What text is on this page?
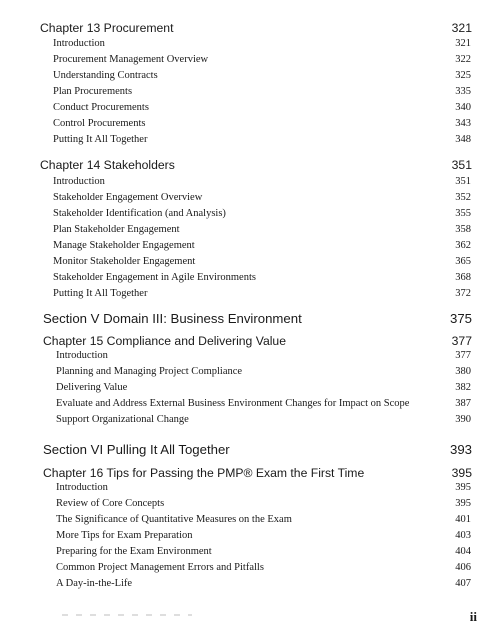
Chapter 13 Procurement	321
Introduction	321
Procurement Management Overview	322
Understanding Contracts	325
Plan Procurements	335
Conduct Procurements	340
Control Procurements	343
Putting It All Together	348
Chapter 14 Stakeholders	351
Introduction	351
Stakeholder Engagement Overview	352
Stakeholder Identification (and Analysis)	355
Plan Stakeholder Engagement	358
Manage Stakeholder Engagement	362
Monitor Stakeholder Engagement	365
Stakeholder Engagement in Agile Environments	368
Putting It All Together	372
Section V Domain III: Business Environment	375
Chapter 15 Compliance and Delivering Value	377
Introduction	377
Planning and Managing Project Compliance	380
Delivering Value	382
Evaluate and Address External Business Environment Changes for Impact on Scope	387
Support Organizational Change	390
Section VI Pulling It All Together	393
Chapter 16 Tips for Passing the PMP® Exam the First Time	395
Introduction	395
Review of Core Concepts	395
The Significance of Quantitative Measures on the Exam	401
More Tips for Exam Preparation	403
Preparing for the Exam Environment	404
Common Project Management Errors and Pitfalls	406
A Day-in-the-Life	407
ii
